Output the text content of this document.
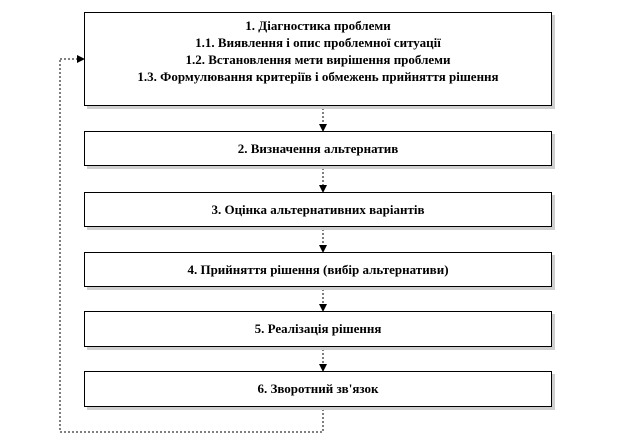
1. Діагностика проблеми
1.1. Виявлення і опис проблемної ситуації
1.2. Встановлення мети вирішення проблеми
1.3. Формулювання критеріїв і обмежень прийняття рішення
2. Визначення альтернатив
3. Оцінка альтернативних варіантів
4. Прийняття рішення (вибір альтернативи)
5. Реалізація рішення
6. Зворотний зв'язок
